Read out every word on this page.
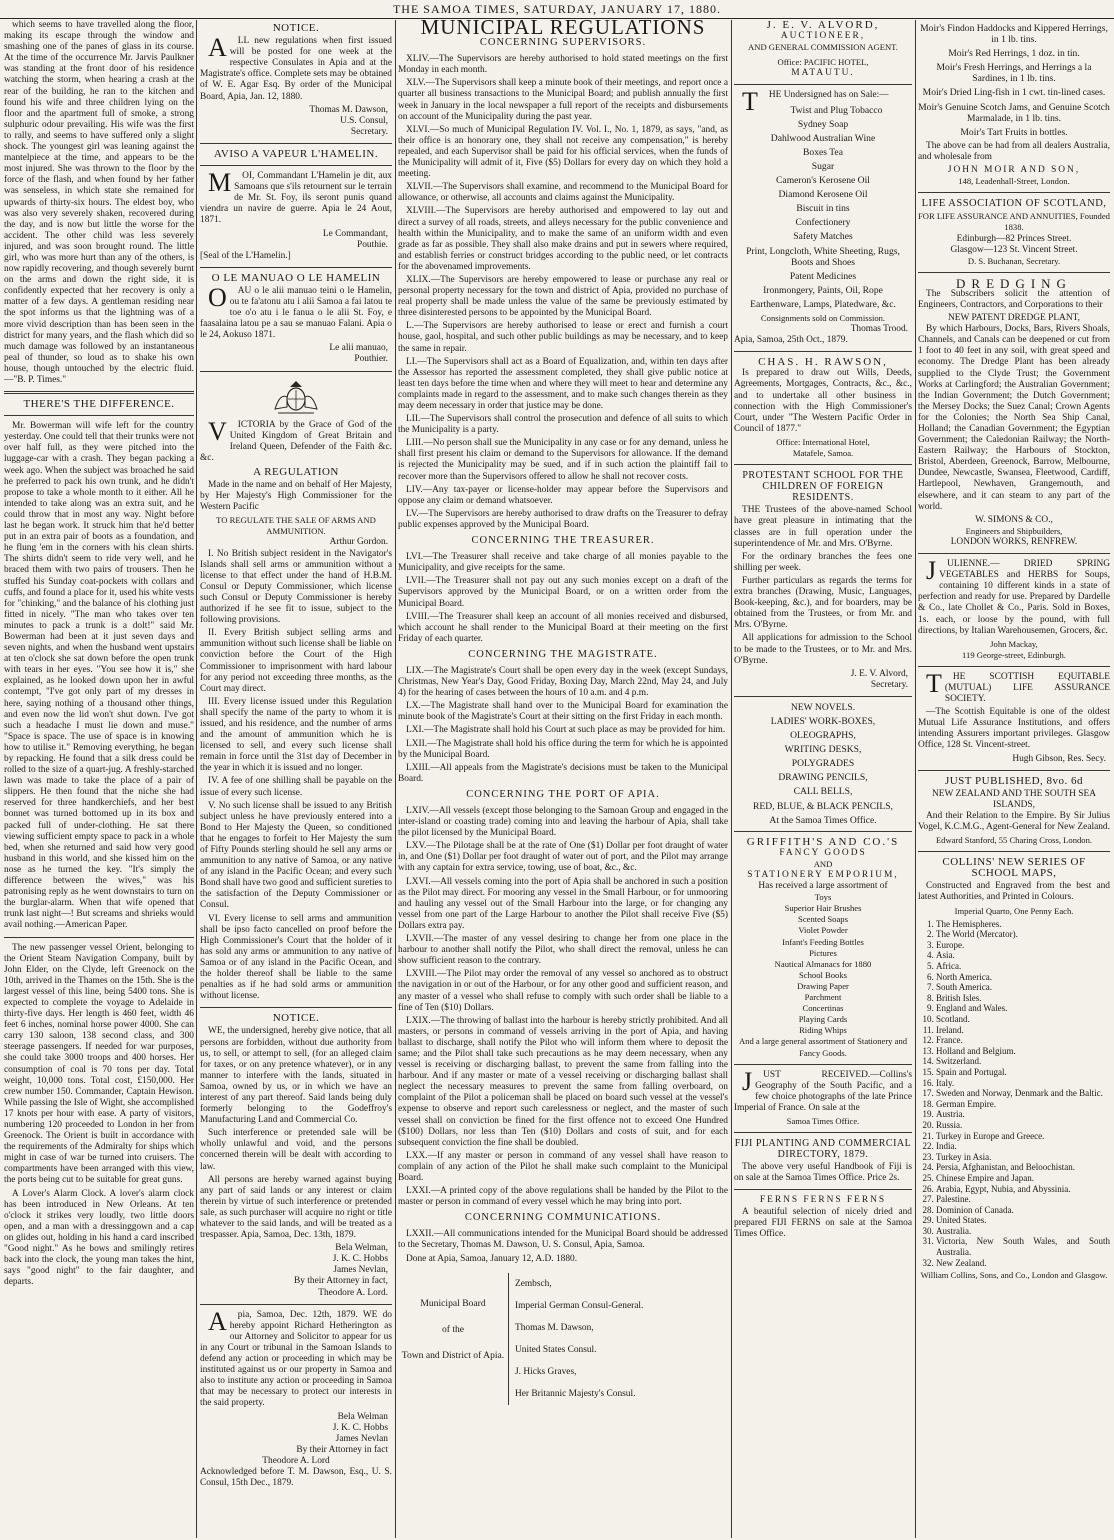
THE SAMOA TIMES, SATURDAY, JANUARY 17, 1880.

which seems to have travelled along the floor, making its escape through the window and smashing one of the panes of glass in its course. At the time of the occurrence Mr. Jarvis Paulkner was standing at the front door of his residence watching the storm, when hearing a crash at the rear of the building, he ran to the kitchen and found his wife and three children lying on the floor and the apartment full of smoke, a strong sulphuric odour prevailing. His wife was the first to rally, and seems to have suffered only a slight shock. The youngest girl was leaning against the mantelpiece at the time, and appears to be the most injured. She was thrown to the floor by the force of the flash, and when found by her father was senseless, in which state she remained for upwards of thirty-six hours. The eldest boy, who was also very severely shaken, recovered during the day, and is now but little the worse for the accident. The other child was less severely injured, and was soon brought round. The little girl, who was more hurt than any of the others, is now rapidly recovering, and though severely burnt on the arms and down the right side, it is confidently expected that her recovery is only a matter of a few days. A gentleman residing near the spot informs us that the lightning was of a more vivid description than has been seen in the district for many years, and the flash which did so much damage was followed by an instantaneous peal of thunder, so loud as to shake his own house, though untouched by the electric fluid.—"B. P. Times."

THERE'S THE DIFFERENCE.

Mr. Bowerman will wife left for the country yesterday. One could tell that their trunks were not over half full, as they were pitched into the luggage-car with a crash. They began packing a week ago. When the subject was broached he said he preferred to pack his own trunk, and he didn't propose to take a whole month to it either. All he intended to take along was an extra suit, and he could throw that in most any way. Night before last he began work. It struck him that he'd better put in an extra pair of boots as a foundation, and he flung 'em in the corners with his clean shirts. The shirts didn't seem to ride very well, and he braced them with two pairs of trousers. Then he stuffed his Sunday coat-pockets with collars and cuffs, and found a place for it, used his white vests for "chinking," and the balance of his clothing just fitted in nicely. "The man who takes over ten minutes to pack a trunk is a dolt!" said Mr. Bowerman had been at it just seven days and seven nights, and when the husband went upstairs at ten o'clock she sat down before the open trunk with tears in her eyes. "You see how it is," she explained, as he looked down upon her in awful contempt, "I've got only part of my dresses in here, saying nothing of a thousand other things, and even now the lid won't shut down. I've got such a headache I must lie down and muse." "Space is space. The use of space is in knowing how to utilise it." Removing everything, he began by repacking. He found that a silk dress could be rolled to the size of a quart-jug. A freshly-starched lawn was made to take the place of a pair of slippers. He then found that the niche she had reserved for three handkerchiefs, and her best bonnet was turned bottomed up in its box and packed full of under-clothing. He sat there viewing sufficient empty space to pack in a whole bed, when she returned and said how very good husband in this world, and she kissed him on the nose as he turned the key. "It's simply the difference between the wives," was his patronising reply as he went downstairs to turn on the burglar-alarm. When that wife opened that trunk last night—! But screams and shrieks would avail nothing.—American Paper.

The new passenger vessel Orient, belonging to the Orient Steam Navigation Company, built by John Elder, on the Clyde, left Greenock on the 10th, arrived in the Thames on the 15th. She is the largest vessel of this line, being 5400 tons. She is expected to complete the voyage to Adelaide in thirty-five days. Her length is 460 feet, width 46 feet 6 inches, nominal horse power 4000. She can carry 130 saloon, 138 second class, and 300 steerage passengers. If needed for war purposes, she could take 3000 troops and 400 horses. Her consumption of coal is 70 tons per day. Total weight, 10,000 tons. Total cost, £150,000. Her crew number 150. Commander, Captain Hewison. While passing the Isle of Wight, she accomplished 17 knots per hour with ease. A party of visitors, numbering 120 proceeded to London in her from Greenock. The Orient is built in accordance with the requirements of the Admiralty for ships which might in case of war be turned into cruisers. The compartments have been arranged with this view, the ports being cut to be suitable for great guns.

A Lover's Alarm Clock. A lover's alarm clock has been introduced in New Orleans. At ten o'clock it strikes very loudly, two little doors open, and a man with a dressinggown and a cap on glides out, holding in his hand a card inscribed "Good night." As he bows and smilingly retires back into the clock, the young man takes the hint, says "good night" to the fair daughter, and departs.

NOTICE.

ALL new regulations when first issued will be posted for one week at the respective Consulates in Apia and at the Magistrate's office. Complete sets may be obtained of W. E. Agar Esq. By order of the Municipal Board, Apia, Jan. 12, 1880.

Thomas M. Dawson,
U.S. Consul,
Secretary.
AVISO A VAPEUR L'HAMELIN.

MOI, Commandant L'Hamelin je dit, aux Samoans que s'ils retournent sur le terrain de Mr. St. Foy, ils seront punis quand viendra un navire de guerre. Apia le 24 Aout, 1871.

Le Commandant,
Pouthie.
[Seal of the L'Hamelin.]
O LE MANUAO O LE HAMELIN

OAU o le alii manuao teini o le Hamelin, ou te fa'atonu atu i alii Samoa a fai latou te toe o'o atu i le fanua o le alii St. Foy, e faasalaina latou pe a sau se manuao Falani. Apia o le 24, Aokuso 1871.

Le alii manuao,
Pouthier.

VICTORIA by the Grace of God of the United Kingdom of Great Britain and Ireland Queen, Defender of the Faith &c. &c.

A REGULATION

Made in the name and on behalf of Her Majesty, by Her Majesty's High Commissioner for the Western Pacific

TO REGULATE THE SALE OF ARMS AND AMMUNITION.
Arthur Gordon.

I. No British subject resident in the Navigator's Islands shall sell arms or ammunition without a license to that effect under the hand of H.B.M. Consul or Deputy Commissioner, which license such Consul or Deputy Commissioner is hereby authorized if he see fit to issue, subject to the following provisions.

II. Every British subject selling arms and ammunition without such license shall be liable on conviction before the Court of the High Commissioner to imprisonment with hard labour for any period not exceeding three months, as the Court may direct.

III. Every license issued under this Regulation shall specify the name of the party to whom it is issued, and his residence, and the number of arms and the amount of ammunition which he is licensed to sell, and every such license shall remain in force until the 31st day of December in the year in which it is issued and no longer.

IV. A fee of one shilling shall be payable on the issue of every such license.

V. No such license shall be issued to any British subject unless he have previously entered into a Bond to Her Majesty the Queen, so conditioned that he engages to forfeit to Her Majesty the sum of Fifty Pounds sterling should he sell any arms or ammunition to any native of Samoa, or any native of any island in the Pacific Ocean; and every such Bond shall have two good and sufficient sureties to the satisfaction of the Deputy Commissioner or Consul.

VI. Every license to sell arms and ammunition shall be ipso facto cancelled on proof before the High Commissioner's Court that the holder of it has sold any arms or ammunition to any native of Samoa or of any island in the Pacific Ocean, and the holder thereof shall be liable to the same penalties as if he had sold arms or ammunition without license.

NOTICE.

WE, the undersigned, hereby give notice, that all persons are forbidden, without due authority from us, to sell, or attempt to sell, (for an alleged claim for taxes, or on any pretence whatever), or in any manner to interfere with the lands, situated in Samoa, owned by us, or in which we have an interest of any part thereof. Said lands being duly formerly belonging to the Godeffroy's Manufacturing Land and Commercial Co.

Such interference or pretended sale will be wholly unlawful and void, and the persons concerned therein will be dealt with according to law.

All persons are hereby warned against buying any part of said lands or any interest or claim therein by virtue of such interference or pretended sale, as such purchaser will acquire no right or title whatever to the said lands, and will be treated as a trespasser. Apia, Samoa, Dec. 13th, 1879.

Bela Welman,
J. K. C. Hobbs
James Nevlan,
By their Attorney in fact,
Theodore A. Lord.

Apia, Samoa, Dec. 12th, 1879. WE do hereby appoint Richard Hetherington as our Attorney and Solicitor to appear for us in any Court or tribunal in the Samoan Islands to defend any action or proceeding in which may be instituted against us or our property in Samoa and also to institute any action or proceeding in Samoa that may be necessary to protect our interests in the said property.

Bela Welman
J. K. C. Hobbs
James Nevlan
By their Attorney in fact
Theodore A. Lord
Acknowledged before T. M. Dawson, Esq., U. S. Consul, 15th Dec., 1879.
MUNICIPAL REGULATIONS
CONCERNING SUPERVISORS.

XLIV.—The Supervisors are hereby authorised to hold stated meetings on the first Monday in each month.

XLV.—The Supervisors shall keep a minute book of their meetings, and report once a quarter all business transactions to the Municipal Board; and publish annually the first week in January in the local newspaper a full report of the receipts and disbursements on account of the Municipality during the past year.

XLVI.—So much of Municipal Regulation IV. Vol. I., No. 1, 1879, as says, "and, as their office is an honorary one, they shall not receive any compensation," is hereby repealed, and each Supervisor shall be paid for his official services, when the funds of the Municipality will admit of it, Five ($5) Dollars for every day on which they hold a meeting.

XLVII.—The Supervisors shall examine, and recommend to the Municipal Board for allowance, or otherwise, all accounts and claims against the Municipality.

XLVIII.—The Supervisors are hereby authorised and empowered to lay out and direct a survey of all roads, streets, and alleys necessary for the public convenience and health within the Municipality, and to make the same of an uniform width and even grade as far as possible. They shall also make drains and put in sewers where required, and establish ferries or construct bridges according to the public need, or let contracts for the abovenamed improvements.

XLIX.—The Supervisors are hereby empowered to lease or purchase any real or personal property necessary for the town and district of Apia, provided no purchase of real property shall be made unless the value of the same be previously estimated by three disinterested persons to be appointed by the Municipal Board.

L.—The Supervisors are hereby authorised to lease or erect and furnish a court house, gaol, hospital, and such other public buildings as may be necessary, and to keep the same in repair.

LI.—The Supervisors shall act as a Board of Equalization, and, within ten days after the Assessor has reported the assessment completed, they shall give public notice at least ten days before the time when and where they will meet to hear and determine any complaints made in regard to the assessment, and to make such changes therein as they may deem necessary in order that justice may be done.

LII.—The Supervisors shall control the prosecution and defence of all suits to which the Municipality is a party.

LIII.—No person shall sue the Municipality in any case or for any demand, unless he shall first present his claim or demand to the Supervisors for allowance. If the demand is rejected the Municipality may be sued, and if in such action the plaintiff fail to recover more than the Supervisors offered to allow he shall not recover costs.

LIV.—Any tax-payer or license-holder may appear before the Supervisors and oppose any claim or demand whatsoever.

LV.—The Supervisors are hereby authorised to draw drafts on the Treasurer to defray public expenses approved by the Municipal Board.

CONCERNING THE TREASURER.

LVI.—The Treasurer shall receive and take charge of all monies payable to the Municipality, and give receipts for the same.

LVII.—The Treasurer shall not pay out any such monies except on a draft of the Supervisors approved by the Municipal Board, or on a written order from the Municipal Board.

LVIII.—The Treasurer shall keep an account of all monies received and disbursed, which account he shall render to the Municipal Board at their meeting on the first Friday of each quarter.

CONCERNING THE MAGISTRATE.

LIX.—The Magistrate's Court shall be open every day in the week (except Sundays, Christmas, New Year's Day, Good Friday, Boxing Day, March 22nd, May 24, and July 4) for the hearing of cases between the hours of 10 a.m. and 4 p.m.

LX.—The Magistrate shall hand over to the Municipal Board for examination the minute book of the Magistrate's Court at their sitting on the first Friday in each month.

LXI.—The Magistrate shall hold his Court at such place as may be provided for him.

LXII.—The Magistrate shall hold his office during the term for which he is appointed by the Municipal Board.

LXIII.—All appeals from the Magistrate's decisions must be taken to the Municipal Board.

CONCERNING THE PORT OF APIA.

LXIV.—All vessels (except those belonging to the Samoan Group and engaged in the inter-island or coasting trade) coming into and leaving the harbour of Apia, shall take the pilot licensed by the Municipal Board.

LXV.—The Pilotage shall be at the rate of One ($1) Dollar per foot draught of water in, and One ($1) Dollar per foot draught of water out of port, and the Pilot may arrange with any captain for extra service, towing, use of boat, &c., &c.

LXVI.—All vessels coming into the port of Apia shall be anchored in such a position as the Pilot may direct. For mooring any vessel in the Small Harbour, or for unmooring and hauling any vessel out of the Small Harbour into the large, or for changing any vessel from one part of the Large Harbour to another the Pilot shall receive Five ($5) Dollars extra pay.

LXVII.—The master of any vessel desiring to change her from one place in the harbour to another shall notify the Pilot, who shall direct the removal, unless he can show sufficient reason to the contrary.

LXVIII.—The Pilot may order the removal of any vessel so anchored as to obstruct the navigation in or out of the Harbour, or for any other good and sufficient reason, and any master of a vessel who shall refuse to comply with such order shall be liable to a fine of Ten ($10) Dollars.

LXIX.—The throwing of ballast into the harbour is hereby strictly prohibited. And all masters, or persons in command of vessels arriving in the port of Apia, and having ballast to discharge, shall notify the Pilot who will inform them where to deposit the same; and the Pilot shall take such precautions as he may deem necessary, when any vessel is receiving or discharging ballast, to prevent the same from falling into the harbour. And if any master or mate of a vessel receiving or discharging ballast shall neglect the necessary measures to prevent the same from falling overboard, on complaint of the Pilot a policeman shall be placed on board such vessel at the vessel's expense to observe and report such carelessness or neglect, and the master of such vessel shall on conviction be fined for the first offence not to exceed One Hundred ($100) Dollars, nor less than Ten ($10) Dollars and costs of suit, and for each subsequent conviction the fine shall be doubled.

LXX.—If any master or person in command of any vessel shall have reason to complain of any action of the Pilot he shall make such complaint to the Municipal Board.

LXXI.—A printed copy of the above regulations shall be handed by the Pilot to the master or person in command of every vessel which he may bring into port.

CONCERNING COMMUNICATIONS.

LXXII.—All communications intended for the Municipal Board should be addressed to the Secretary, Thomas M. Dawson, U. S. Consul, Apia, Samoa.

Done at Apia, Samoa, January 12, A.D. 1880.

Municipal Board
of the
Town and District of Apia.
Zembsch,
Imperial German Consul-General.
Thomas M. Dawson,
United States Consul.
J. Hicks Graves,
Her Britannic Majesty's Consul.
J. E. V. ALVORD,
AUCTIONEER,
AND GENERAL COMMISSION AGENT.
Office: PACIFIC HOTEL,
MATAUTU.

THE Undersigned has on Sale:—

Twist and Plug Tobacco
Sydney Soap
Dahlwood Australian Wine
Boxes Tea
Sugar
Cameron's Kerosene Oil
Diamond Kerosene Oil
Biscuit in tins
Confectionery
Safety Matches
Print, Longcloth, White Sheeting, Rugs, Boots and Shoes
Patent Medicines
Ironmongery, Paints, Oil, Rope
Earthenware, Lamps, Platedware, &c.
Consignments sold on Commission.
Thomas Trood.
Apia, Samoa, 25th Oct., 1879.
CHAS. H. RAWSON,

Is prepared to draw out Wills, Deeds, Agreements, Mortgages, Contracts, &c., &c., and to undertake all other business in connection with the High Commissioner's Court, under "The Western Pacific Order in Council of 1877."

Office: International Hotel,
Matafele, Samoa.
PROTESTANT SCHOOL FOR THE CHILDREN OF FOREIGN RESIDENTS.

THE Trustees of the above-named School have great pleasure in intimating that the classes are in full operation under the superintendence of Mr. and Mrs. O'Byrne.

For the ordinary branches the fees one shilling per week.

Further particulars as regards the terms for extra branches (Drawing, Music, Languages, Book-keeping, &c.), and for boarders, may be obtained from the Trustees, or from Mr. and Mrs. O'Byrne.

All applications for admission to the School to be made to the Trustees, or to Mr. and Mrs. O'Byrne.

J. E. V. Alvord,
Secretary.
NEW NOVELS.
LADIES' WORK-BOXES,
OLEOGRAPHS,
WRITING DESKS,
POLYGRADES
DRAWING PENCILS,
CALL BELLS,
RED, BLUE, & BLACK PENCILS,
At the Samoa Times Office.
GRIFFITH'S AND CO.'S
FANCY GOODS
AND
STATIONERY EMPORIUM,
Has received a large assortment of
Toys
Superior Hair Brushes
Scented Soaps
Violet Powder
Infant's Feeding Bottles
Pictures
Nautical Almanacs for 1880
School Books
Drawing Paper
Parchment
Concertinas
Playing Cards
Riding Whips
And a large general assortment of Stationery and Fancy Goods.

JUST RECEIVED.—Collins's Geography of the South Pacific, and a few choice photographs of the late Prince Imperial of France. On sale at the

Samoa Times Office.
FIJI PLANTING AND COMMERCIAL DIRECTORY, 1879.

The above very useful Handbook of Fiji is on sale at the Samoa Times Office. Price 2s.

FERNS FERNS FERNS

A beautiful selection of nicely dried and prepared FIJI FERNS on sale at the Samoa Times Office.

Moir's Findon Haddocks and Kippered Herrings, in 1 lb. tins.
Moir's Red Herrings, 1 doz. in tin.
Moir's Fresh Herrings, and Herrings a la Sardines, in 1 lb. tins.
Moir's Dried Ling-fish in 1 cwt. tin-lined cases.
Moir's Genuine Scotch Jams, and Genuine Scotch Marmalade, in 1 lb. tins.
Moir's Tart Fruits in bottles.

The above can be had from all dealers Australia, and wholesale from

JOHN MOIR AND SON,
148, Leadenhall-Street, London.
LIFE ASSOCIATION OF SCOTLAND,
FOR LIFE ASSURANCE AND ANNUITIES, Founded 1838.
Edinburgh—82 Princes Street.
Glasgow—123 St. Vincent Street.
D. S. Buchanan, Secretary.
DREDGING

The Subscribers solicit the attention of Engineers, Contractors, and Corporations to their

NEW PATENT DREDGE PLANT,

By which Harbours, Docks, Bars, Rivers Shoals, Channels, and Canals can be deepened or cut from 1 foot to 40 feet in any soil, with great speed and economy. The Dredge Plant has been already supplied to the Clyde Trust; the Government Works at Carlingford; the Australian Government; the Indian Government; the Dutch Government; the Mersey Docks; the Suez Canal; Crown Agents for the Colonies; the North Sea Ship Canal, Holland; the Canadian Government; the Egyptian Government; the Caledonian Railway; the North-Eastern Railway; the Harbours of Stockton, Bristol, Aberdeen, Greenock, Barrow, Melbourne, Dundee, Newcastle, Swansea, Fleetwood, Cardiff, Hartlepool, Newhaven, Grangemouth, and elsewhere, and it can steam to any part of the world.

W. SIMONS & CO.,
Engineers and Shipbuilders,
LONDON WORKS, RENFREW.

JULIENNE.— DRIED SPRING VEGETABLES and HERBS for Soups, containing 10 different kinds in a state of perfection and ready for use. Prepared by Dardelle & Co., late Chollet & Co., Paris. Sold in Boxes, 1s. each, or loose by the pound, with full directions, by Italian Warehousemen, Grocers, &c.

John Mackay,
119 George-street, Edinburgh.

THE SCOTTISH EQUITABLE (MUTUAL) LIFE ASSURANCE SOCIETY.

—The Scottish Equitable is one of the oldest Mutual Life Assurance Institutions, and offers intending Assurers important privileges. Glasgow Office, 128 St. Vincent-street.

Hugh Gibson, Res. Secy.
JUST PUBLISHED, 8vo. 6d
NEW ZEALAND AND THE SOUTH SEA ISLANDS,

And their Relation to the Empire. By Sir Julius Vogel, K.C.M.G., Agent-General for New Zealand.

Edward Stanford, 55 Charing Cross, London.
COLLINS' NEW SERIES OF SCHOOL MAPS,

Constructed and Engraved from the best and latest Authorities, and Printed in Colours.

Imperial Quarto, One Penny Each.
1. The Hemispheres.
2. The World (Mercator).
3. Europe.
4. Asia.
5. Africa.
6. North America.
7. South America.
8. British Isles.
9. England and Wales.
10. Scotland.
11. Ireland.
12. France.
13. Holland and Belgium.
14. Switzerland.
15. Spain and Portugal.
16. Italy.
17. Sweden and Norway, Denmark and the Baltic.
18. German Empire.
19. Austria.
20. Russia.
21. Turkey in Europe and Greece.
22. India.
23. Turkey in Asia.
24. Persia, Afghanistan, and Beloochistan.
25. Chinese Empire and Japan.
26. Arabia, Egypt, Nubia, and Abyssinia.
27. Palestine.
28. Dominion of Canada.
29. United States.
30. Australia.
31. Victoria, New South Wales, and South Australia.
32. New Zealand.
William Collins, Sons, and Co., London and Glasgow.
